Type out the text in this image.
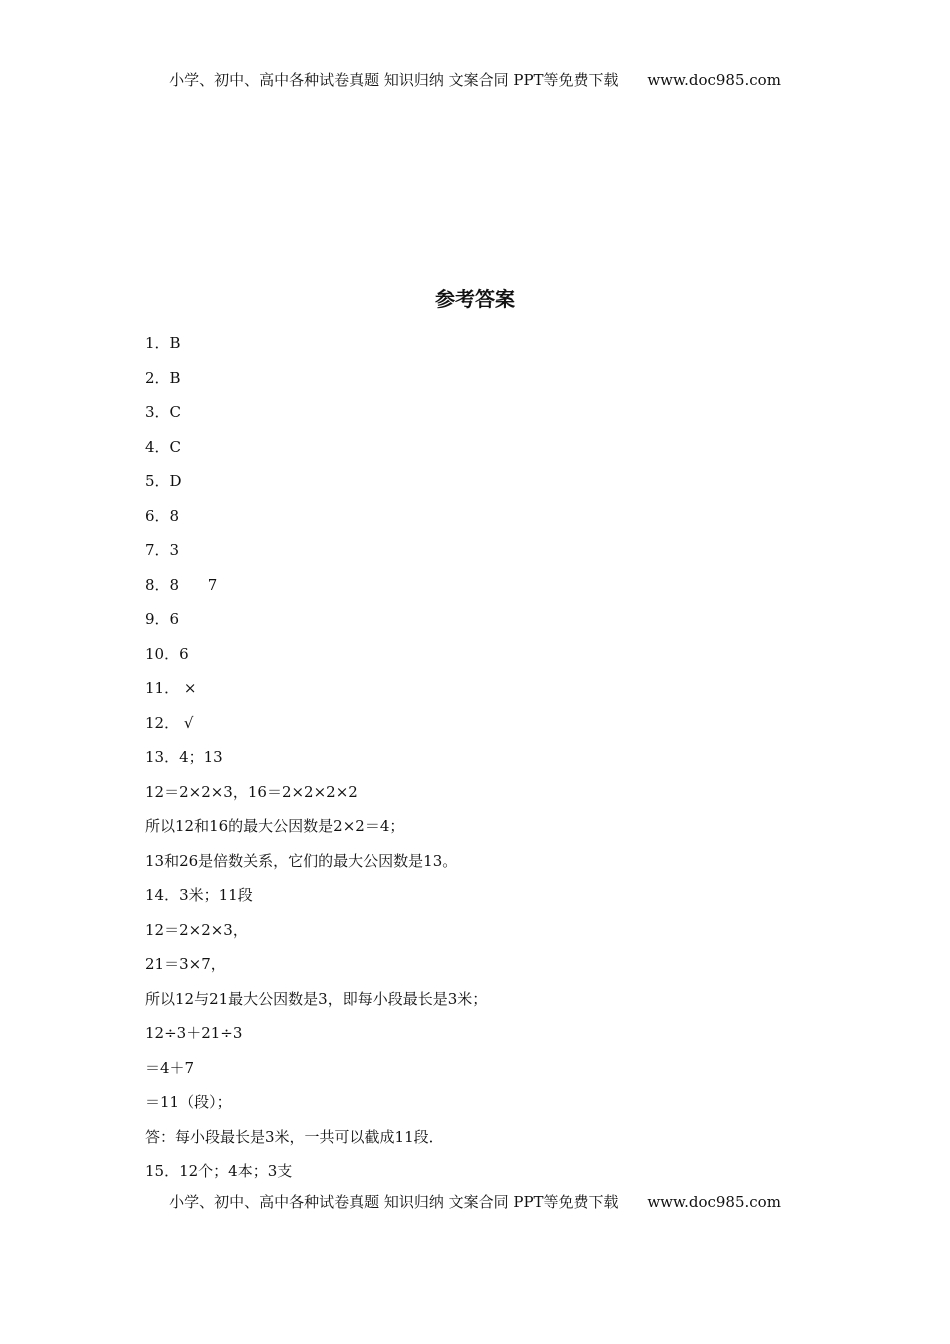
小学、初中、高中各种试卷真题 知识归纳 文案合同 PPT等免费下载 www.doc985.com
参考答案
1．B
2．B
3．C
4．C
5．D
6．8
7．3
8．8      7
9．6
10．6
11． ×
12． √
13．4；13
12＝2×2×3，16＝2×2×2×2
所以12和16的最大公因数是2×2＝4；
13和26是倍数关系，它们的最大公因数是13。
14．3米；11段
12＝2×2×3，
21＝3×7，
所以12与21最大公因数是3，即每小段最长是3米；
12÷3＋21÷3
＝4＋7
＝11（段）；
答：每小段最长是3米，一共可以截成11段．
15．12个；4本；3支
小学、初中、高中各种试卷真题 知识归纳 文案合同 PPT等免费下载 www.doc985.com
